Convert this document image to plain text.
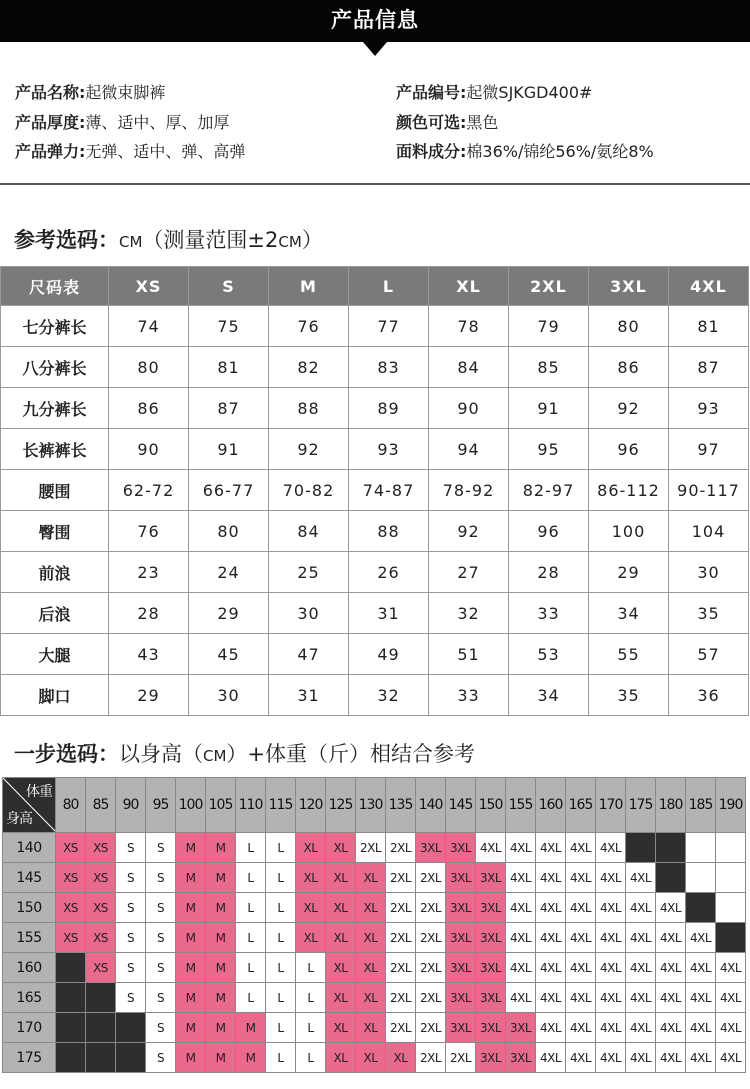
产品信息
产品名称:起微束脚裤	产品编号:起微SJKGD400#
产品厚度:薄、适中、厚、加厚	颜色可选:黑色
产品弹力:无弹、适中、弹、高弹	面料成分:棉36%/锦纶56%/氨纶8%
参考选码：CM（测量范围±2CM）
尺码表	XS	S	M	L	XL	2XL	3XL	4XL
七分裤长	74	75	76	77	78	79	80	81
八分裤长	80	81	82	83	84	85	86	87
九分裤长	86	87	88	89	90	91	92	93
长裤裤长	90	91	92	93	94	95	96	97
腰围	62-72	66-77	70-82	74-87	78-92	82-97	86-112	90-117
臀围	76	80	84	88	92	96	100	104
前浪	23	24	25	26	27	28	29	30
后浪	28	29	30	31	32	33	34	35
大腿	43	45	47	49	51	53	55	57
脚口	29	30	31	32	33	34	35	36
一步选码：以身高（CM）+体重（斤）相结合参考
体重
身高	80	85	90	95	100	105	110	115	120	125	130	135	140	145	150	155	160	165	170	175	180	185	190
140	XS	XS	S	S	M	M	L	L	XL	XL	2XL	2XL	3XL	3XL	4XL	4XL	4XL	4XL	4XL				
145	XS	XS	S	S	M	M	L	L	XL	XL	XL	2XL	2XL	3XL	3XL	4XL	4XL	4XL	4XL	4XL			
150	XS	XS	S	S	M	M	L	L	XL	XL	XL	2XL	2XL	3XL	3XL	4XL	4XL	4XL	4XL	4XL	4XL		
155	XS	XS	S	S	M	M	L	L	XL	XL	XL	2XL	2XL	3XL	3XL	4XL	4XL	4XL	4XL	4XL	4XL	4XL	
160		XS	S	S	M	M	L	L	L	XL	XL	2XL	2XL	3XL	3XL	4XL	4XL	4XL	4XL	4XL	4XL	4XL	4XL
165			S	S	M	M	L	L	L	XL	XL	2XL	2XL	3XL	3XL	4XL	4XL	4XL	4XL	4XL	4XL	4XL	4XL
170				S	M	M	M	L	L	XL	XL	2XL	2XL	3XL	3XL	3XL	4XL	4XL	4XL	4XL	4XL	4XL	4XL
175				S	M	M	M	L	L	XL	XL	XL	2XL	2XL	3XL	3XL	4XL	4XL	4XL	4XL	4XL	4XL	4XL
